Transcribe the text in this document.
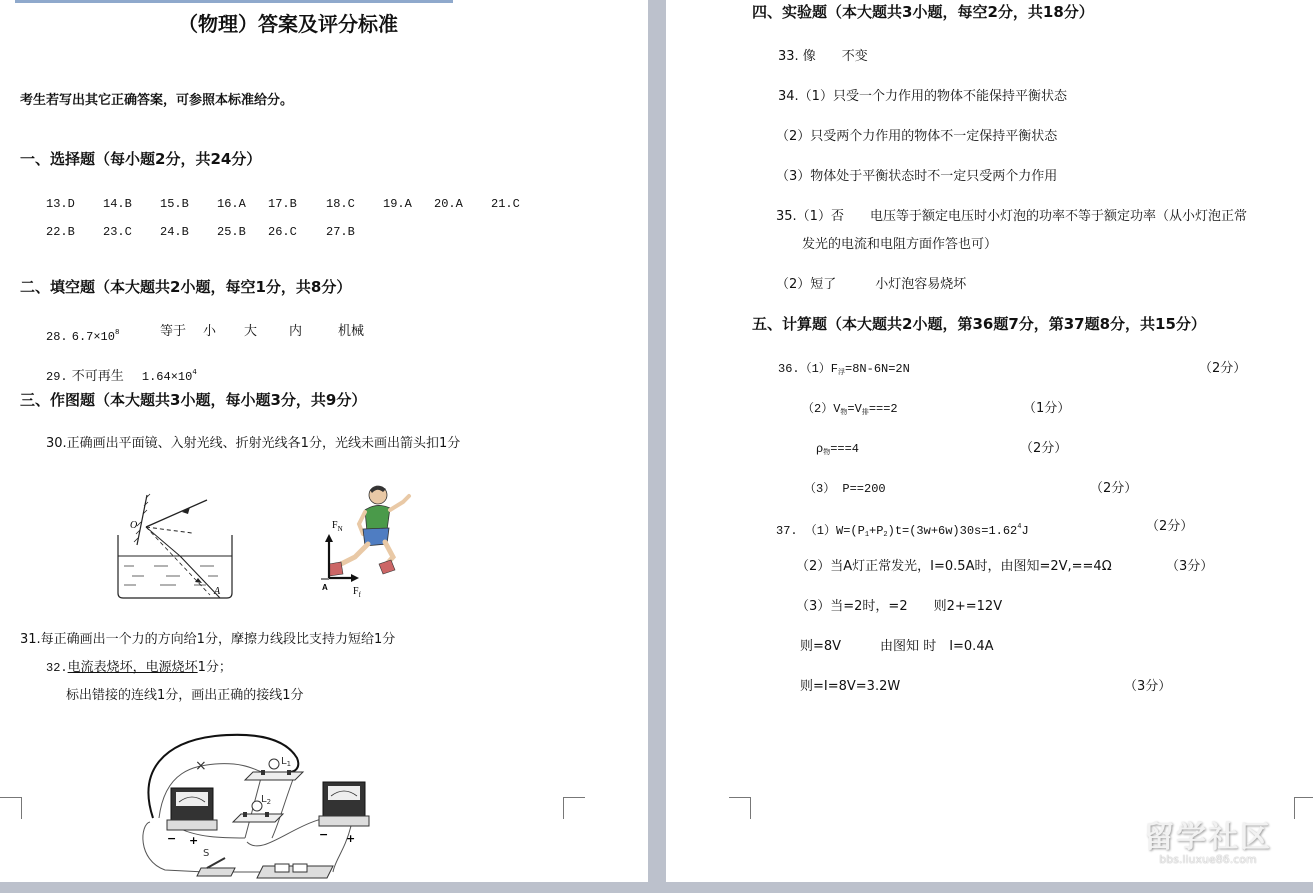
（物理）答案及评分标准
考生若写出其它正确答案，可参照本标准给分。
一、选择题（每小题2分，共24分）
13.D 14.B 15.B 16.A 17.B 18.C 19.A 20.A 21.C
22.B 23.C 24.B 25.B 26.C 27.B
二、填空题（本大题共2小题，每空1分，共8分）
28. $6.7\times 10^8$	等于 小 大 内	机械
29. 不可再生 $1.64\times 10^4$
三、作图题（本大题共3小题，每小题3分，共9分）
30.正确画出平面镜、入射光线、折射光线各1分，光线未画出箭头扣1分
O
A
$F_N$
A	$F_f$
31.每正确画出一个力的方向给1分，摩擦力线段比支持力短给1分
32.电流表烧坏，电源烧坏1分；
标出错接的连线1分，画出正确的接线1分
×	$L_1$
$L_2$
− +	− +
S
四、实验题（本大题共3小题，每空2分，共18分）
33. 像　　不变
34.（1）只受一个力作用的物体不能保持平衡状态
（2）只受两个力作用的物体不一定保持平衡状态
（3）物体处于平衡状态时不一定只受两个力作用
35.（1）否　　电压等于额定电压时小灯泡的功率不等于额定功率（从小灯泡正常
发光的电流和电阻方面作答也可）
（2）短了　　　小灯泡容易烧坏
五、计算题（本大题共2小题，第36题7分，第37题8分，共15分）
$36.(1)F_浮=8N-6N=2N$	（2分）
$(2)V_物=V_排===2$	（1分）
$\rho_物===4$	（2分）
（3） P==200	（2分）
37. $(1)W=(P_1+P_2)t=(3w+6w)30s=1.62^4J$	（2分）
（2）当A灯正常发光，I=0.5A时，由图知=2V,==4Ω	（3分）
（3）当=2时，=2　　则2+=12V
则=8V　　　由图知 时　I=0.4A
则=I=8V=3.2W	（3分）
留学社区
bbs.liuxue86.com
